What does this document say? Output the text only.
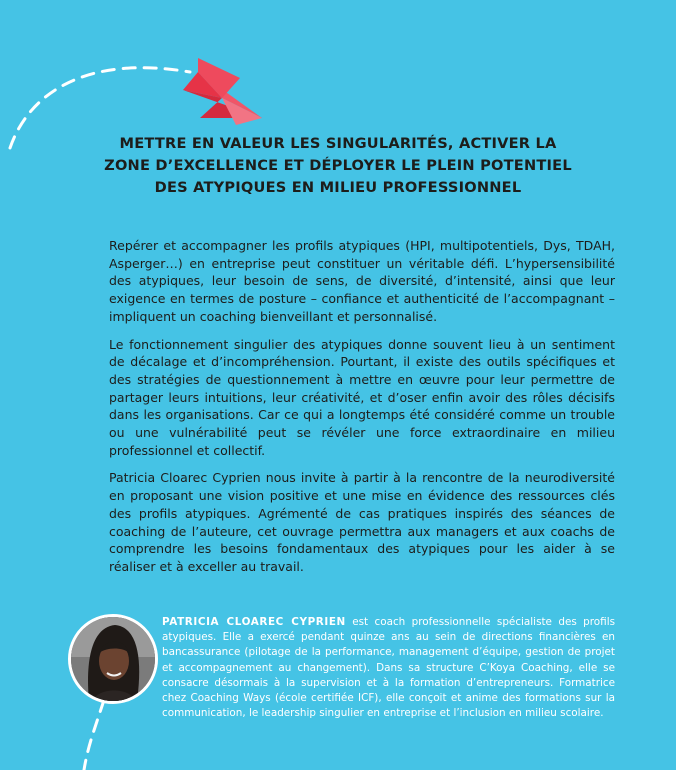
METTRE EN VALEUR LES SINGULARITÉS, ACTIVER LA
ZONE D’EXCELLENCE ET DÉPLOYER LE PLEIN POTENTIEL
DES ATYPIQUES EN MILIEU PROFESSIONNEL

Repérer et accompagner les profils atypiques (HPI, multipotentiels, Dys, TDAH, Asperger…) en entreprise peut constituer un véritable défi. L’hypersensibilité des atypiques, leur besoin de sens, de diversité, d’intensité, ainsi que leur exigence en termes de posture – confiance et authenticité de l’accompagnant – impliquent un coaching bienveillant et personnalisé.

Le fonctionnement singulier des atypiques donne souvent lieu à un sentiment de décalage et d’incompréhension. Pourtant, il existe des outils spécifiques et des stratégies de questionnement à mettre en œuvre pour leur permettre de partager leurs intuitions, leur créativité, et d’oser enfin avoir des rôles décisifs dans les organisations. Car ce qui a longtemps été considéré comme un trouble ou une vulnérabilité peut se révéler une force extraordinaire en milieu professionnel et collectif.

Patricia Cloarec Cyprien nous invite à partir à la rencontre de la neurodiversité en proposant une vision positive et une mise en évidence des ressources clés des profils atypiques. Agrémenté de cas pratiques inspirés des séances de coaching de l’auteure, cet ouvrage permettra aux managers et aux coachs de comprendre les besoins fondamentaux des atypiques pour les aider à se réaliser et à exceller au travail.

PATRICIA CLOAREC CYPRIEN est coach professionnelle spécialiste des profils atypiques. Elle a exercé pendant quinze ans au sein de directions financières en bancassurance (pilotage de la performance, management d’équipe, gestion de projet et accompagnement au changement). Dans sa structure C’Koya Coaching, elle se consacre désormais à la supervision et à la formation d’entrepreneurs. Formatrice chez Coaching Ways (école certifiée ICF), elle conçoit et anime des formations sur la communication, le leadership singulier en entreprise et l’inclusion en milieu scolaire.
